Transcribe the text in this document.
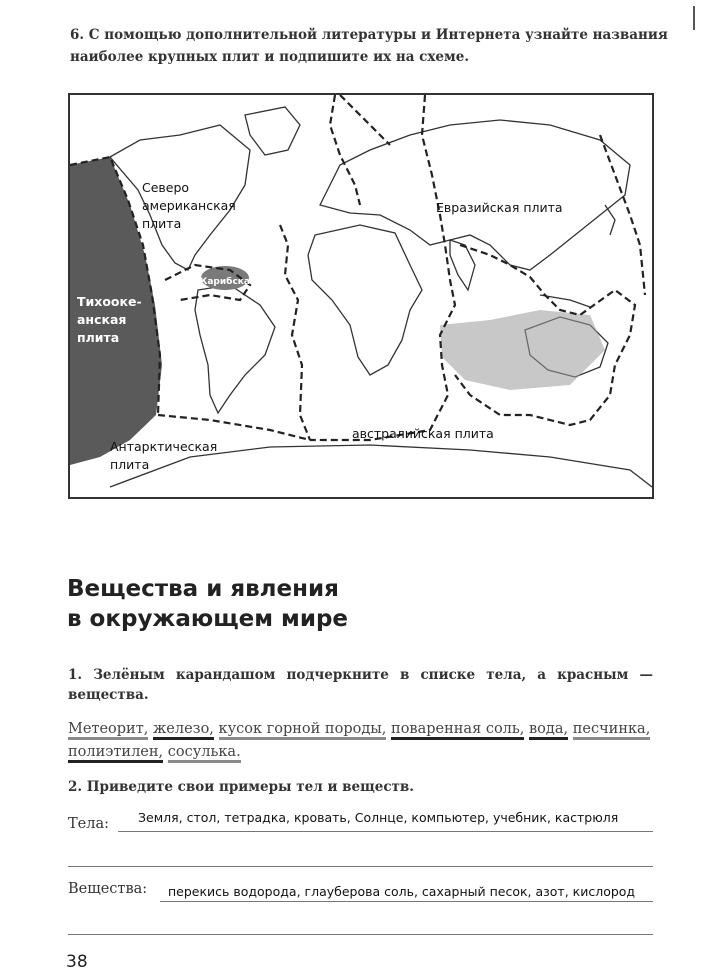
6. С помощью дополнительной литературы и Интернета узнайте названия наиболее крупных плит и подпишите их на схеме.
Северо
американская
плита
Евразийская плита
Карибская
Тихооке-
анская
плита
Антарктическая
плита
австралийская плита
Вещества и явления
в окружающем мире
1. Зелёным карандашом подчеркните в списке тела, а красным — вещества.
Метеорит, железо, кусок горной породы, поваренная соль, вода, песчинка, полиэтилен, сосулька.
2. Приведите свои примеры тел и веществ.
Тела: Земля, стол, тетрадка, кровать, Солнце, компьютер, учебник, кастрюля
Вещества: перекись водорода, глауберова соль, сахарный песок, азот, кислород
38
